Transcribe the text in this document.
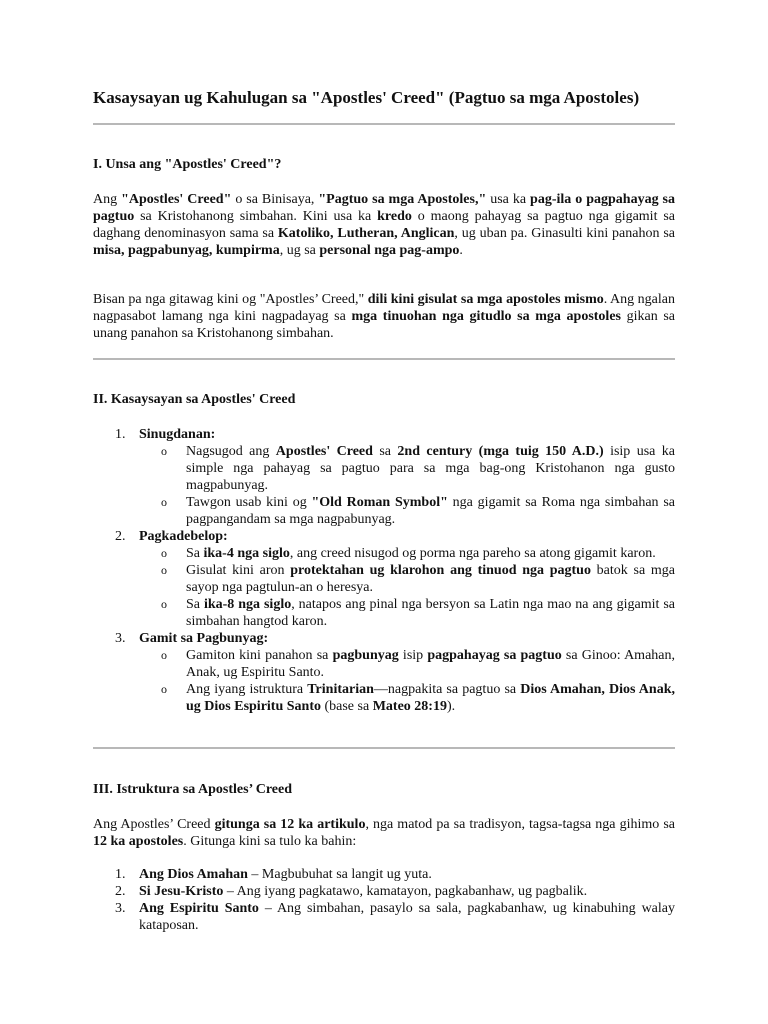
Kasaysayan ug Kahulugan sa "Apostles' Creed" (Pagtuo sa mga Apostoles)
I. Unsa ang "Apostles' Creed"?

Ang "Apostles' Creed" o sa Binisaya, "Pagtuo sa mga Apostoles," usa ka pag-ila o pagpahayag sa pagtuo sa Kristohanong simbahan. Kini usa ka kredo o maong pahayag sa pagtuo nga gigamit sa daghang denominasyon sama sa Katoliko, Lutheran, Anglican, ug uban pa. Ginasulti kini panahon sa misa, pagpabunyag, kumpirma, ug sa personal nga pag-ampo.

Bisan pa nga gitawag kini og "Apostles’ Creed," dili kini gisulat sa mga apostoles mismo. Ang ngalan nagpasabot lamang nga kini nagpadayag sa mga tinuohan nga gitudlo sa mga apostoles gikan sa unang panahon sa Kristohanong simbahan.

II. Kasaysayan sa Apostles' Creed
1. Sinugdanan:
o Nagsugod ang Apostles' Creed sa 2nd century (mga tuig 150 A.D.) isip usa ka simple nga pahayag sa pagtuo para sa mga bag-ong Kristohanon nga gusto magpabunyag.
o Tawgon usab kini og "Old Roman Symbol" nga gigamit sa Roma nga simbahan sa pagpangandam sa mga nagpabunyag.
2. Pagkadebelop:
o Sa ika-4 nga siglo, ang creed nisugod og porma nga pareho sa atong gigamit karon.
o Gisulat kini aron protektahan ug klarohon ang tinuod nga pagtuo batok sa mga sayop nga pagtulun-an o heresya.
o Sa ika-8 nga siglo, natapos ang pinal nga bersyon sa Latin nga mao na ang gigamit sa simbahan hangtod karon.
3. Gamit sa Pagbunyag:
o Gamiton kini panahon sa pagbunyag isip pagpahayag sa pagtuo sa Ginoo: Amahan, Anak, ug Espiritu Santo.
o Ang iyang istruktura Trinitarian—nagpakita sa pagtuo sa Dios Amahan, Dios Anak, ug Dios Espiritu Santo (base sa Mateo 28:19).
III. Istruktura sa Apostles’ Creed

Ang Apostles’ Creed gitunga sa 12 ka artikulo, nga matod pa sa tradisyon, tagsa-tagsa nga gihimo sa 12 ka apostoles. Gitunga kini sa tulo ka bahin:

1. Ang Dios Amahan – Magbubuhat sa langit ug yuta.
2. Si Jesu-Kristo – Ang iyang pagkatawo, kamatayon, pagkabanhaw, ug pagbalik.
3. Ang Espiritu Santo – Ang simbahan, pasaylo sa sala, pagkabanhaw, ug kinabuhing walay kataposan.
